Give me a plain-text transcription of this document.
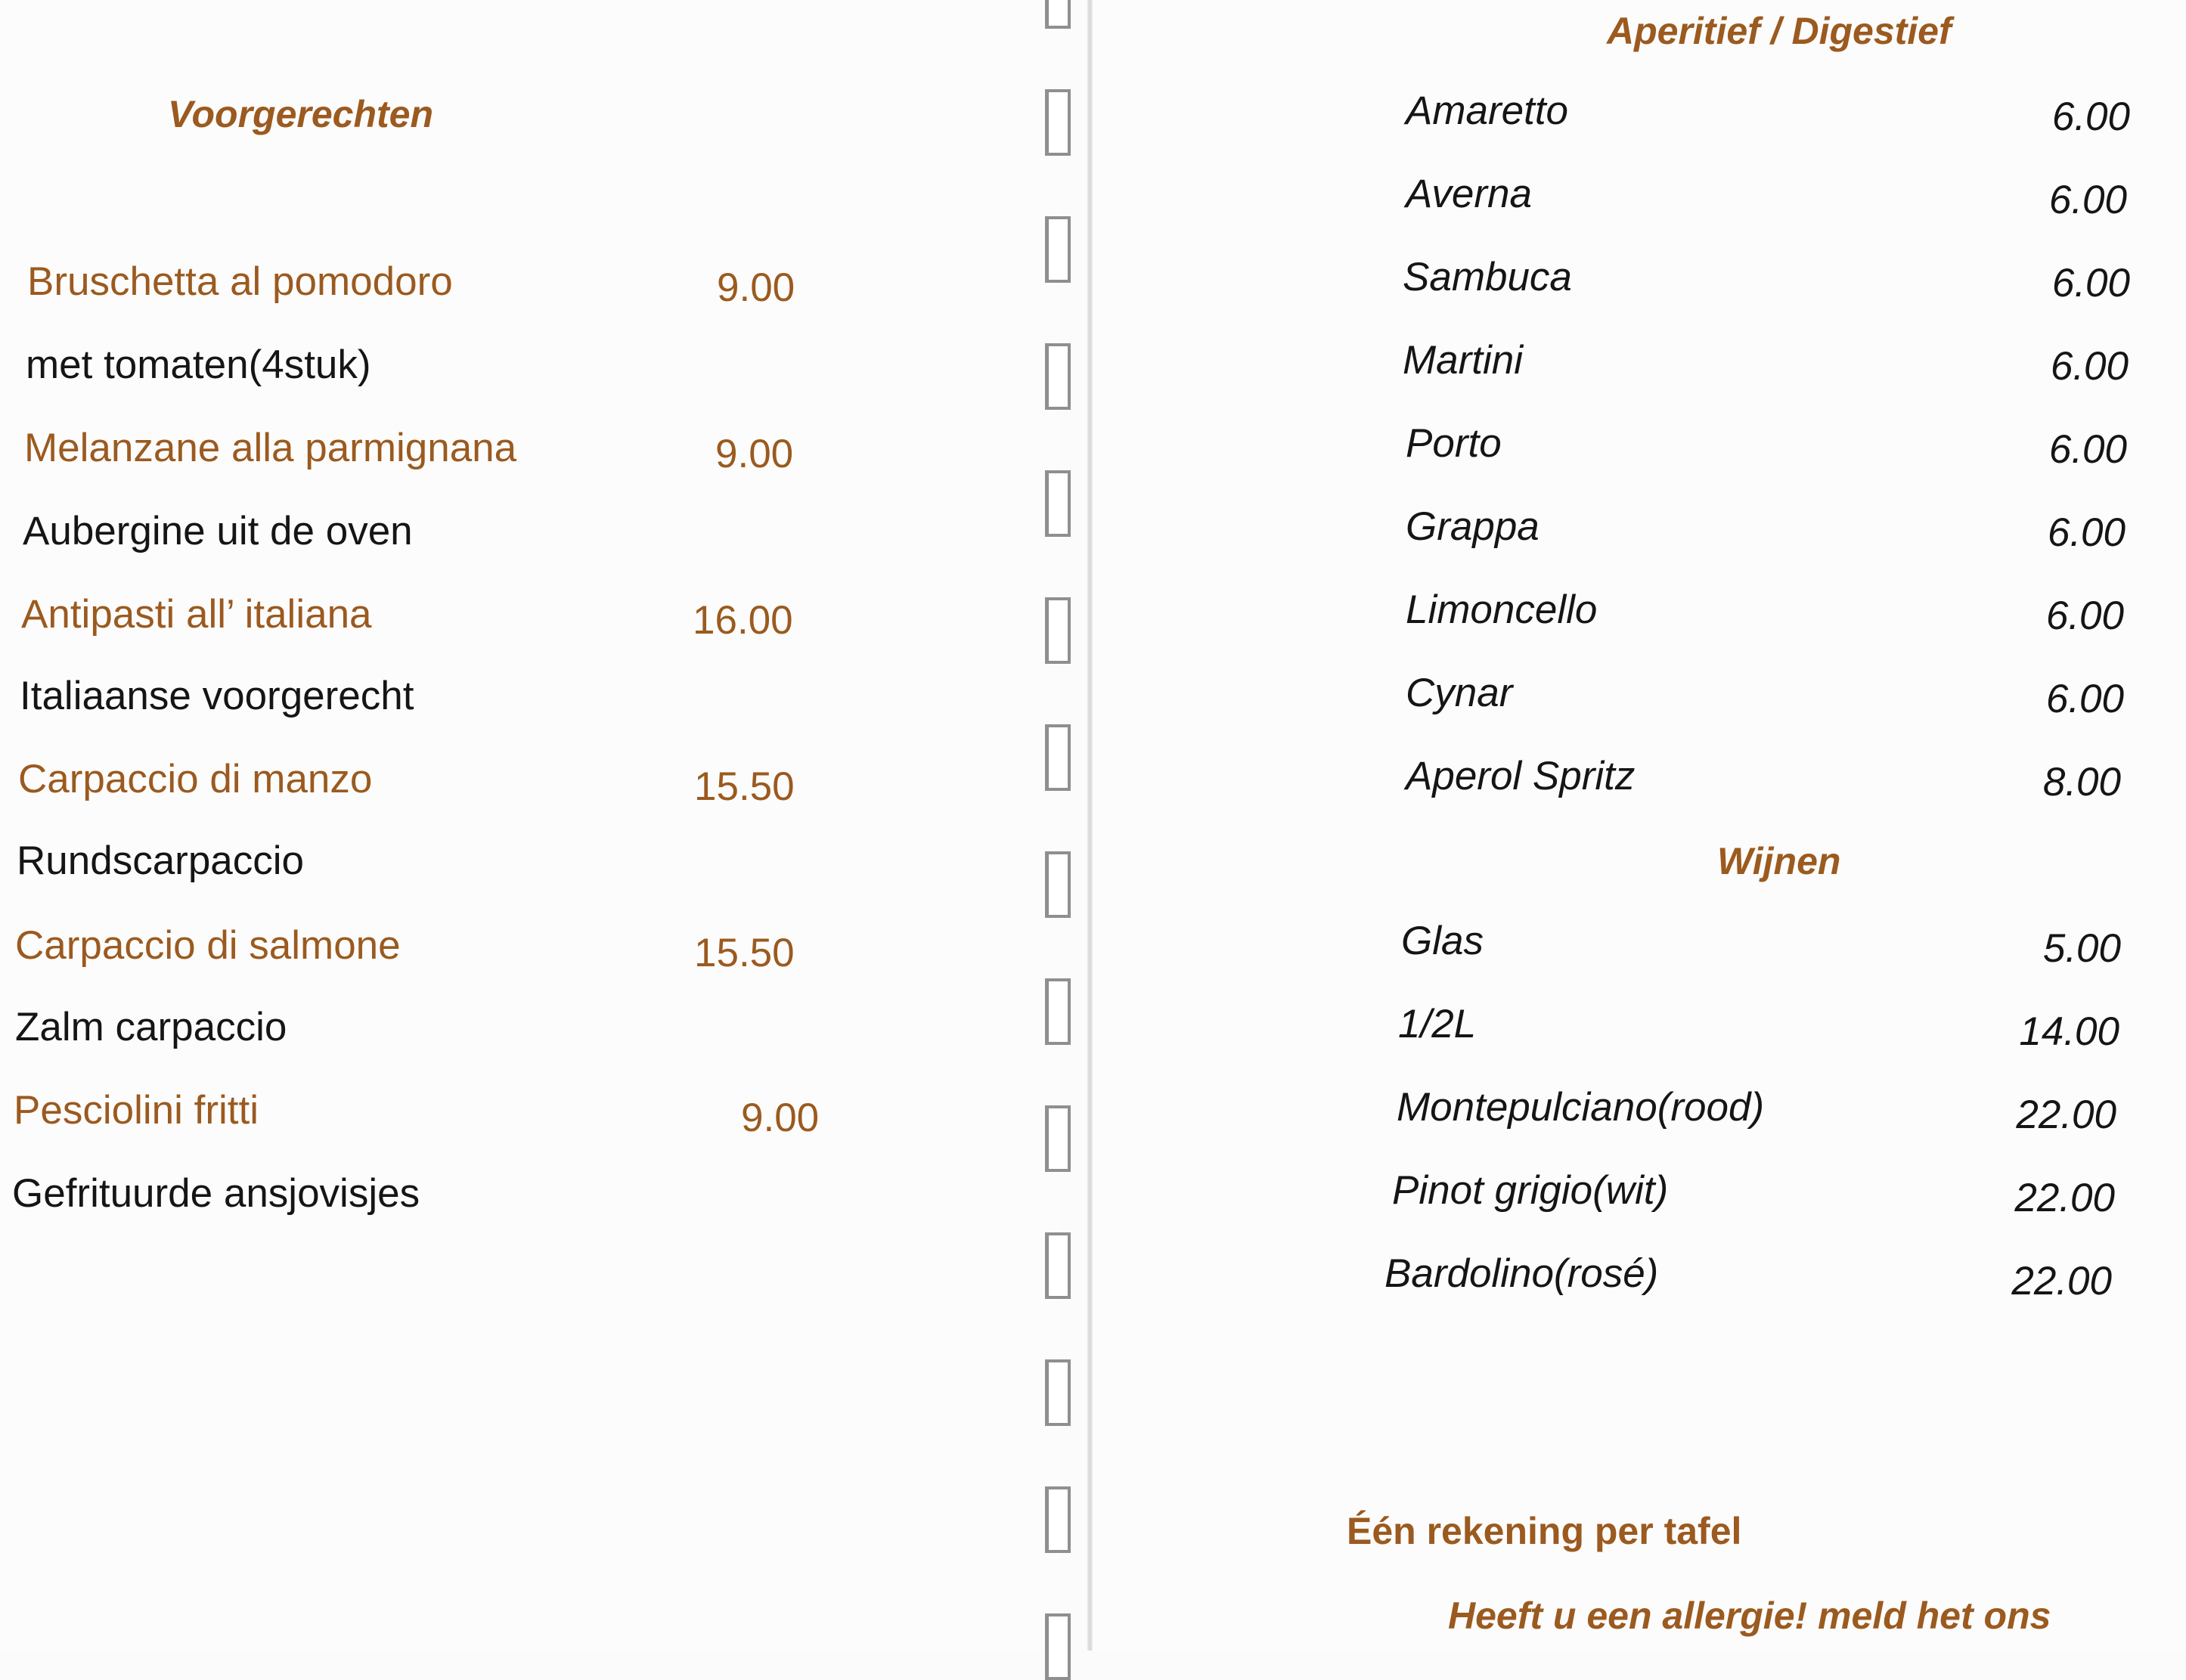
Voorgerechten
Bruschetta al pomodoro	9.00
met tomaten(4stuk)
Melanzane alla parmignana	9.00
Aubergine uit de oven
Antipasti all’ italiana	16.00
Italiaanse voorgerecht
Carpaccio di manzo	15.50
Rundscarpaccio
Carpaccio di salmone	15.50
Zalm carpaccio
Pesciolini fritti	9.00
Gefrituurde ansjovisjes
Aperitief / Digestief
Amaretto	6.00
Averna	6.00
Sambuca	6.00
Martini	6.00
Porto	6.00
Grappa	6.00
Limoncello	6.00
Cynar	6.00
Aperol Spritz	8.00
Wijnen
Glas	5.00
1/2L	14.00
Montepulciano(rood)	22.00
Pinot grigio(wit)	22.00
Bardolino(rosé)	22.00
Één rekening per tafel
Heeft u een allergie! meld het ons
